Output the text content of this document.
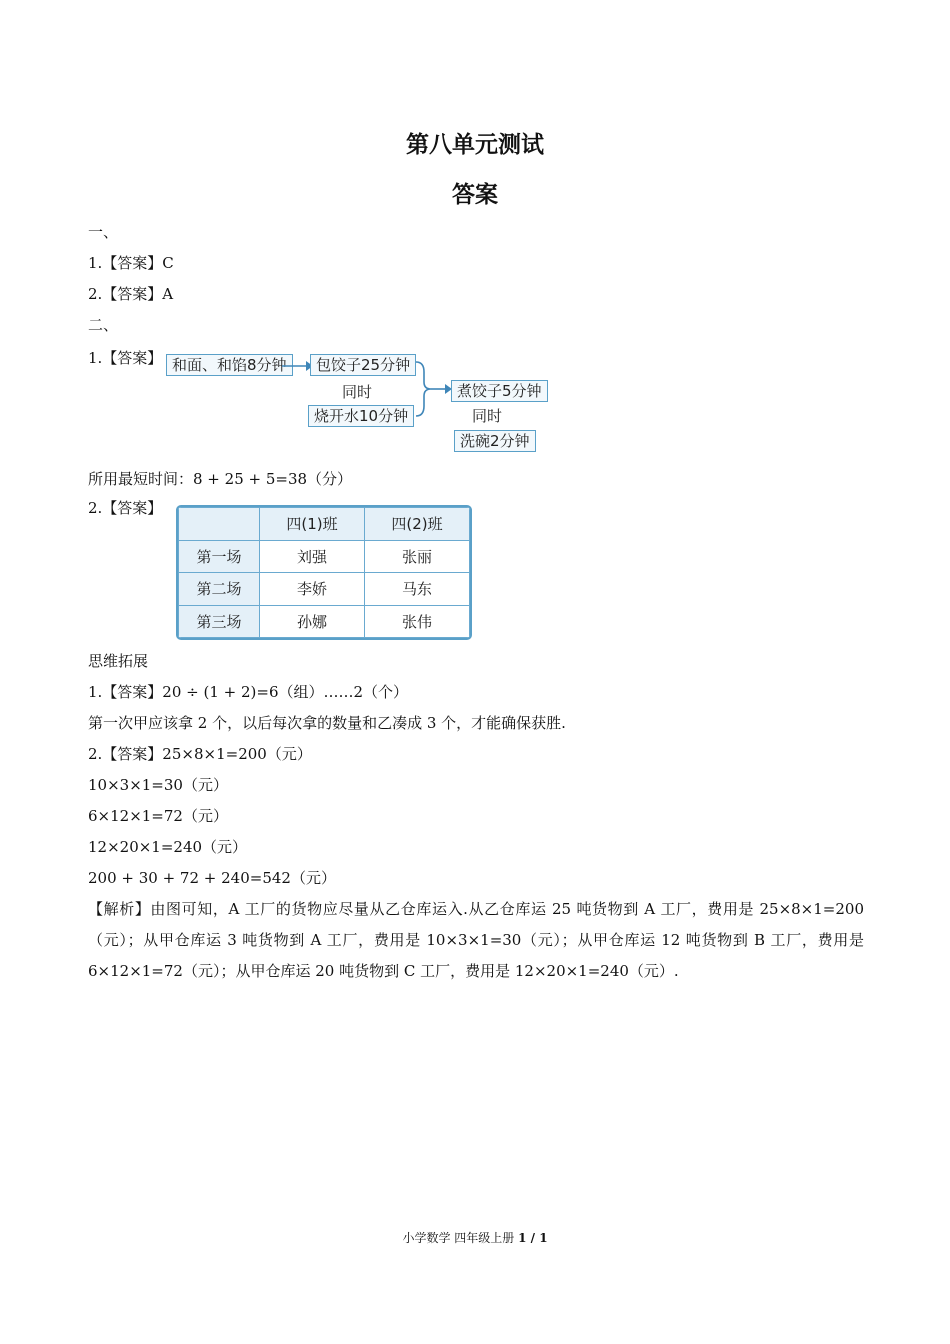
第八单元测试
答案
一、
1.【答案】C
2.【答案】A
二、
1.【答案】 和面、和馅8分钟	包饺子25分钟
同时
烧开水10分钟
煮饺子5分钟
同时
洗碗2分钟
所用最短时间：8 + 25 + 5=38（分）
2.【答案】
	四(1)班	四(2)班
第一场	刘强	张丽
第二场	李娇	马东
第三场	孙娜	张伟
思维拓展
1.【答案】20 ÷ (1 + 2)=6（组）……2（个）
第一次甲应该拿 2 个，以后每次拿的数量和乙凑成 3 个，才能确保获胜.
2.【答案】25×8×1=200（元）
10×3×1=30（元）
6×12×1=72（元）
12×20×1=240（元）
200 + 30 + 72 + 240=542（元）
【解析】由图可知，A 工厂的货物应尽量从乙仓库运入.从乙仓库运 25 吨货物到 A 工厂，费用是 25×8×1=200（元）；从甲仓库运 3 吨货物到 A 工厂，费用是 10×3×1=30（元）；从甲仓库运 12 吨货物到 B 工厂，费用是 6×12×1=72（元）；从甲仓库运 20 吨货物到 C 工厂，费用是 12×20×1=240（元）.
小学数学 四年级上册 1 / 1
